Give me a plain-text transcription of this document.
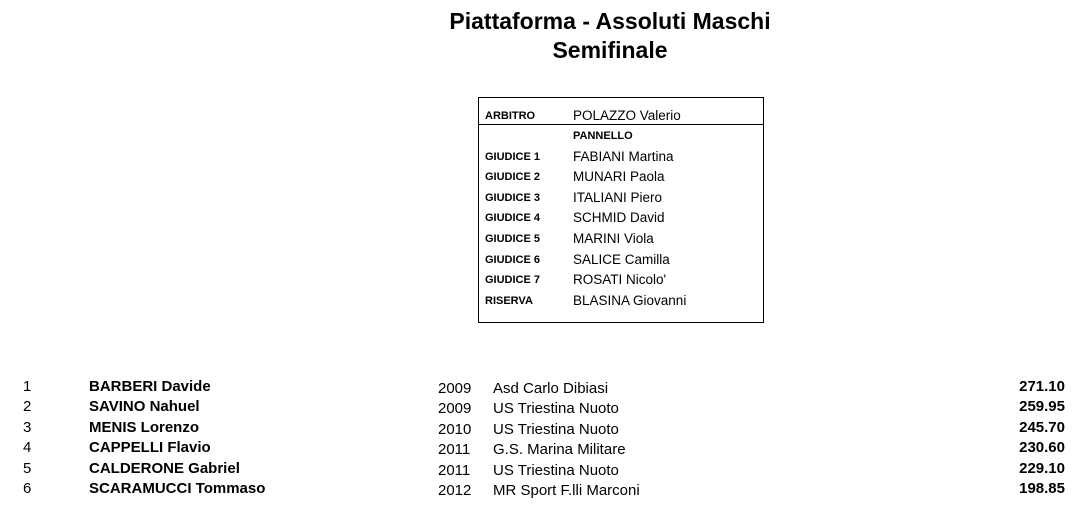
Piattaforma - Assoluti Maschi
Semifinale
ARBITRO	POLAZZO Valerio
PANNELLO
GIUDICE 1 FABIANI Martina
GIUDICE 2 MUNARI Paola
GIUDICE 3 ITALIANI Piero
GIUDICE 4 SCHMID David
GIUDICE 5 MARINI Viola
GIUDICE 6 SALICE Camilla
GIUDICE 7 ROSATI Nicolo'
RISERVA	BLASINA Giovanni
1	BARBERI Davide	2009 Asd Carlo Dibiasi	271.10
2	SAVINO Nahuel	2009 US Triestina Nuoto	259.95
3	MENIS Lorenzo	2010 US Triestina Nuoto	245.70
4	CAPPELLI Flavio	2011 G.S. Marina Militare	230.60
5	CALDERONE Gabriel	2011 US Triestina Nuoto	229.10
6	SCARAMUCCI Tommaso	2012 MR Sport F.lli Marconi	198.85
